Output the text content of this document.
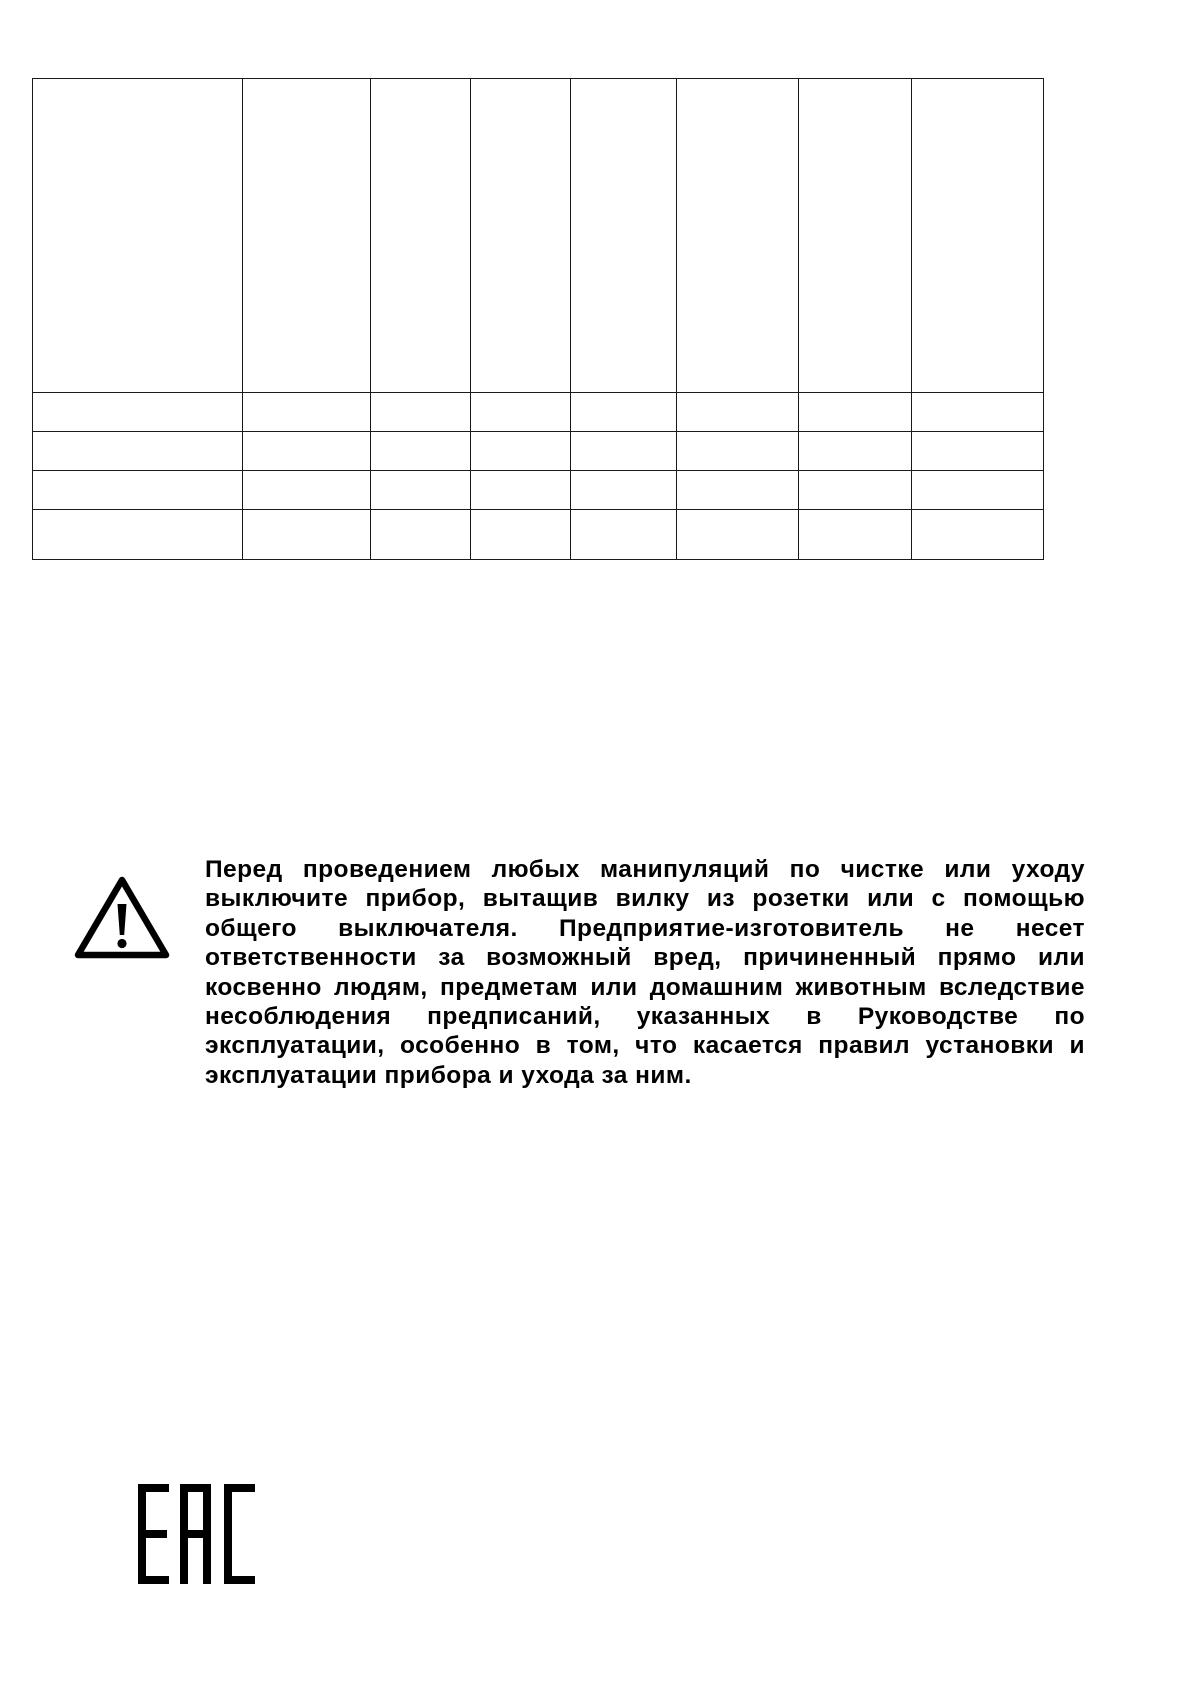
Перед проведением любых манипуляций по чистке или уходу выключите прибор, вытащив вилку из розетки или с помощью общего выключателя. Предприятие-изготовитель не несет ответственности за возможный вред, причиненный прямо или косвенно людям, предметам или домашним животным вследствие несоблюдения предписаний, указанных в Руководстве по эксплуатации, особенно в том, что касается правил установки и эксплуатации прибора и ухода за ним.
